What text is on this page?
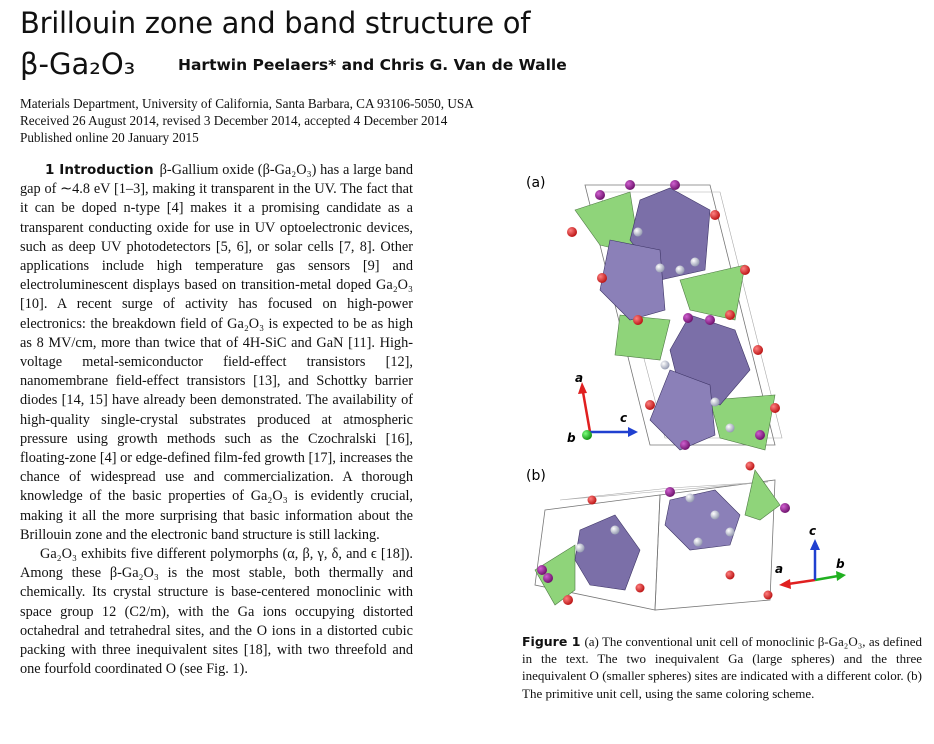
Brillouin zone and band structure of
β-Ga₂O₃	Hartwin Peelaers* and Chris G. Van de Walle
Materials Department, University of California, Santa Barbara, CA 93106-5050, USA
Received 26 August 2014, revised 3 December 2014, accepted 4 December 2014
Published online 20 January 2015

1 Introduction β-Gallium oxide (β-Ga₂O₃) has a large band gap of ∼4.8 eV [1–3], making it transparent in the UV. The fact that it can be doped n-type [4] makes it a promising candidate as a transparent conducting oxide for use in UV optoelectronic devices, such as deep UV photodetectors [5, 6], or solar cells [7, 8]. Other applications include high temperature gas sensors [9] and electroluminescent displays based on transition-metal doped Ga₂O₃ [10]. A recent surge of activity has focused on high-power electronics: the breakdown field of Ga₂O₃ is expected to be as high as 8 MV/cm, more than twice that of 4H-SiC and GaN [11]. High-voltage metal-semiconductor field-effect transistors [12], nanomembrane field-effect transistors [13], and Schottky barrier diodes [14, 15] have already been demonstrated. The availability of high-quality single-crystal substrates produced at atmospheric pressure using growth methods such as the Czochralski [16], floating-zone [4] or edge-defined film-fed growth [17], increases the chance of widespread use and commercialization. A thorough knowledge of the basic properties of Ga₂O₃ is evidently crucial, making it all the more surprising that basic information about the Brillouin zone and the electronic band structure is still lacking.

Ga₂O₃ exhibits five different polymorphs (α, β, γ, δ, and ϵ [18]). Among these β-Ga₂O₃ is the most stable, both thermally and chemically. Its crystal structure is base-centered monoclinic with space group 12 (C2/m), with the Ga ions occupying distorted octahedral and tetrahedral sites, and the O ions in a distorted cubic packing with three inequivalent sites [18], with two threefold and one fourfold coordinated O (see Fig. 1).

(a)
(b)
a
b
c
a	b
c
Figure 1 (a) The conventional unit cell of monoclinic β-Ga₂O₃, as defined in the text. The two inequivalent Ga (large spheres) and the three inequivalent O (smaller spheres) sites are indicated with a different color. (b) The primitive unit cell, using the same coloring scheme.
